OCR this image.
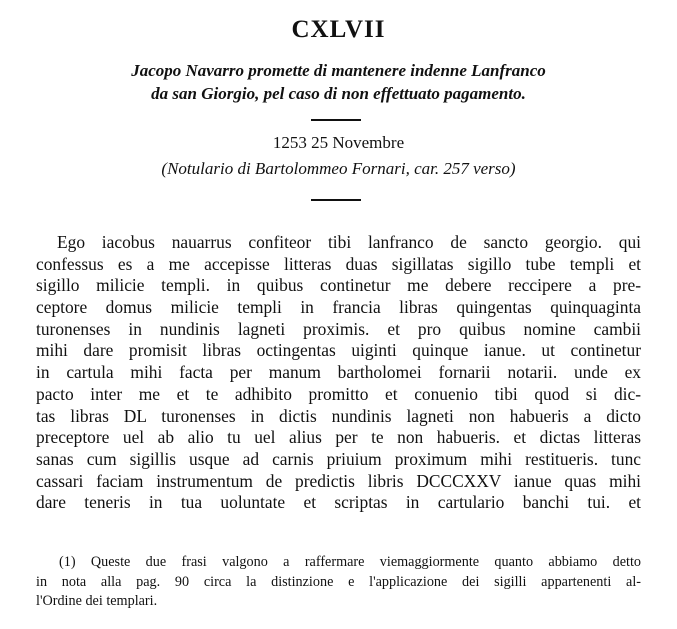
CXLVII
Jacopo Navarro promette di mantenere indenne Lanfranco
da san Giorgio, pel caso di non effettuato pagamento.
1253 25 Novembre
(Notulario di Bartolommeo Fornari, car. 257 verso)
Ego iacobus nauarrus confiteor tibi lanfranco de sancto georgio. qui
confessus es a me accepisse litteras duas sigillatas sigillo tube templi et
sigillo milicie templi. in quibus continetur me debere reccipere a pre-
ceptore domus milicie templi in francia libras quingentas quinquaginta
turonenses in nundinis lagneti proximis. et pro quibus nomine cambii
mihi dare promisit libras octingentas uiginti quinque ianue. ut continetur
in cartula mihi facta per manum bartholomei fornarii notarii. unde ex
pacto inter me et te adhibito promitto et conuenio tibi quod si dic-
tas libras DL turonenses in dictis nundinis lagneti non habueris a dicto
preceptore uel ab alio tu uel alius per te non habueris. et dictas litteras
sanas cum sigillis usque ad carnis priuium proximum mihi restitueris. tunc
cassari faciam instrumentum de predictis libris DCCCXXV ianue quas mihi
dare teneris in tua uoluntate et scriptas in cartulario banchi tui. et
(1) Queste due frasi valgono a raffermare viemaggiormente quanto abbiamo detto
in nota alla pag. 90 circa la distinzione e l'applicazione dei sigilli appartenenti al-
l'Ordine dei templari.
